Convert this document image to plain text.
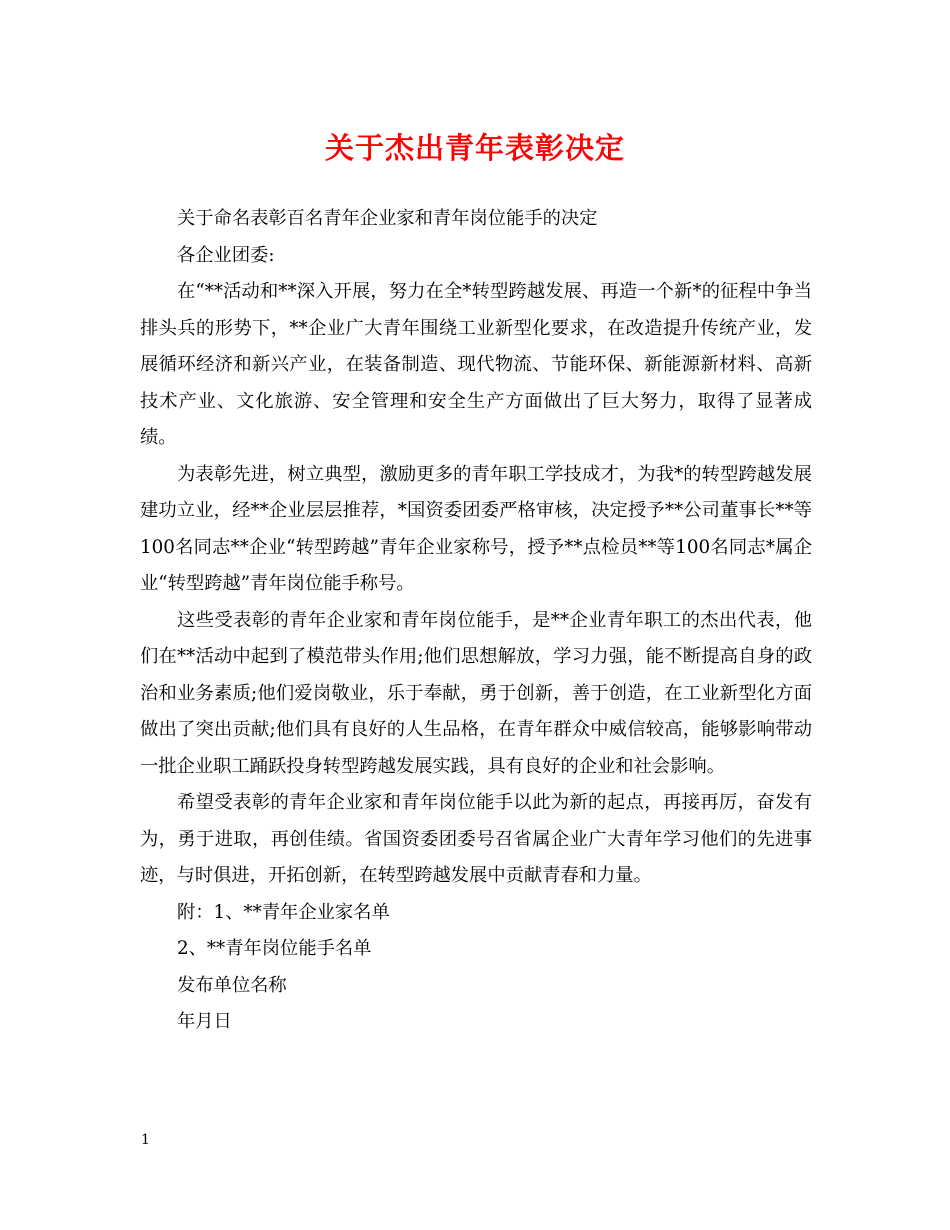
关于杰出青年表彰决定

关于命名表彰百名青年企业家和青年岗位能手的决定

各企业团委:

在“**活动和**深入开展，努力在全*转型跨越发展、再造一个新*的征程中争当排头兵的形势下，**企业广大青年围绕工业新型化要求，在改造提升传统产业，发展循环经济和新兴产业，在装备制造、现代物流、节能环保、新能源新材料、高新技术产业、文化旅游、安全管理和安全生产方面做出了巨大努力，取得了显著成绩。

为表彰先进，树立典型，激励更多的青年职工学技成才，为我*的转型跨越发展建功立业，经**企业层层推荐，*国资委团委严格审核，决定授予**公司董事长**等100名同志**企业“转型跨越”青年企业家称号，授予**点检员**等100名同志*属企业“转型跨越”青年岗位能手称号。

这些受表彰的青年企业家和青年岗位能手，是**企业青年职工的杰出代表，他们在**活动中起到了模范带头作用;他们思想解放，学习力强，能不断提高自身的政治和业务素质;他们爱岗敬业，乐于奉献，勇于创新，善于创造，在工业新型化方面做出了突出贡献;他们具有良好的人生品格，在青年群众中威信较高，能够影响带动一批企业职工踊跃投身转型跨越发展实践，具有良好的企业和社会影响。

希望受表彰的青年企业家和青年岗位能手以此为新的起点，再接再厉，奋发有为，勇于进取，再创佳绩。省国资委团委号召省属企业广大青年学习他们的先进事迹，与时俱进，开拓创新，在转型跨越发展中贡献青春和力量。

附：1、**青年企业家名单

2、**青年岗位能手名单

发布单位名称

年月日

1
